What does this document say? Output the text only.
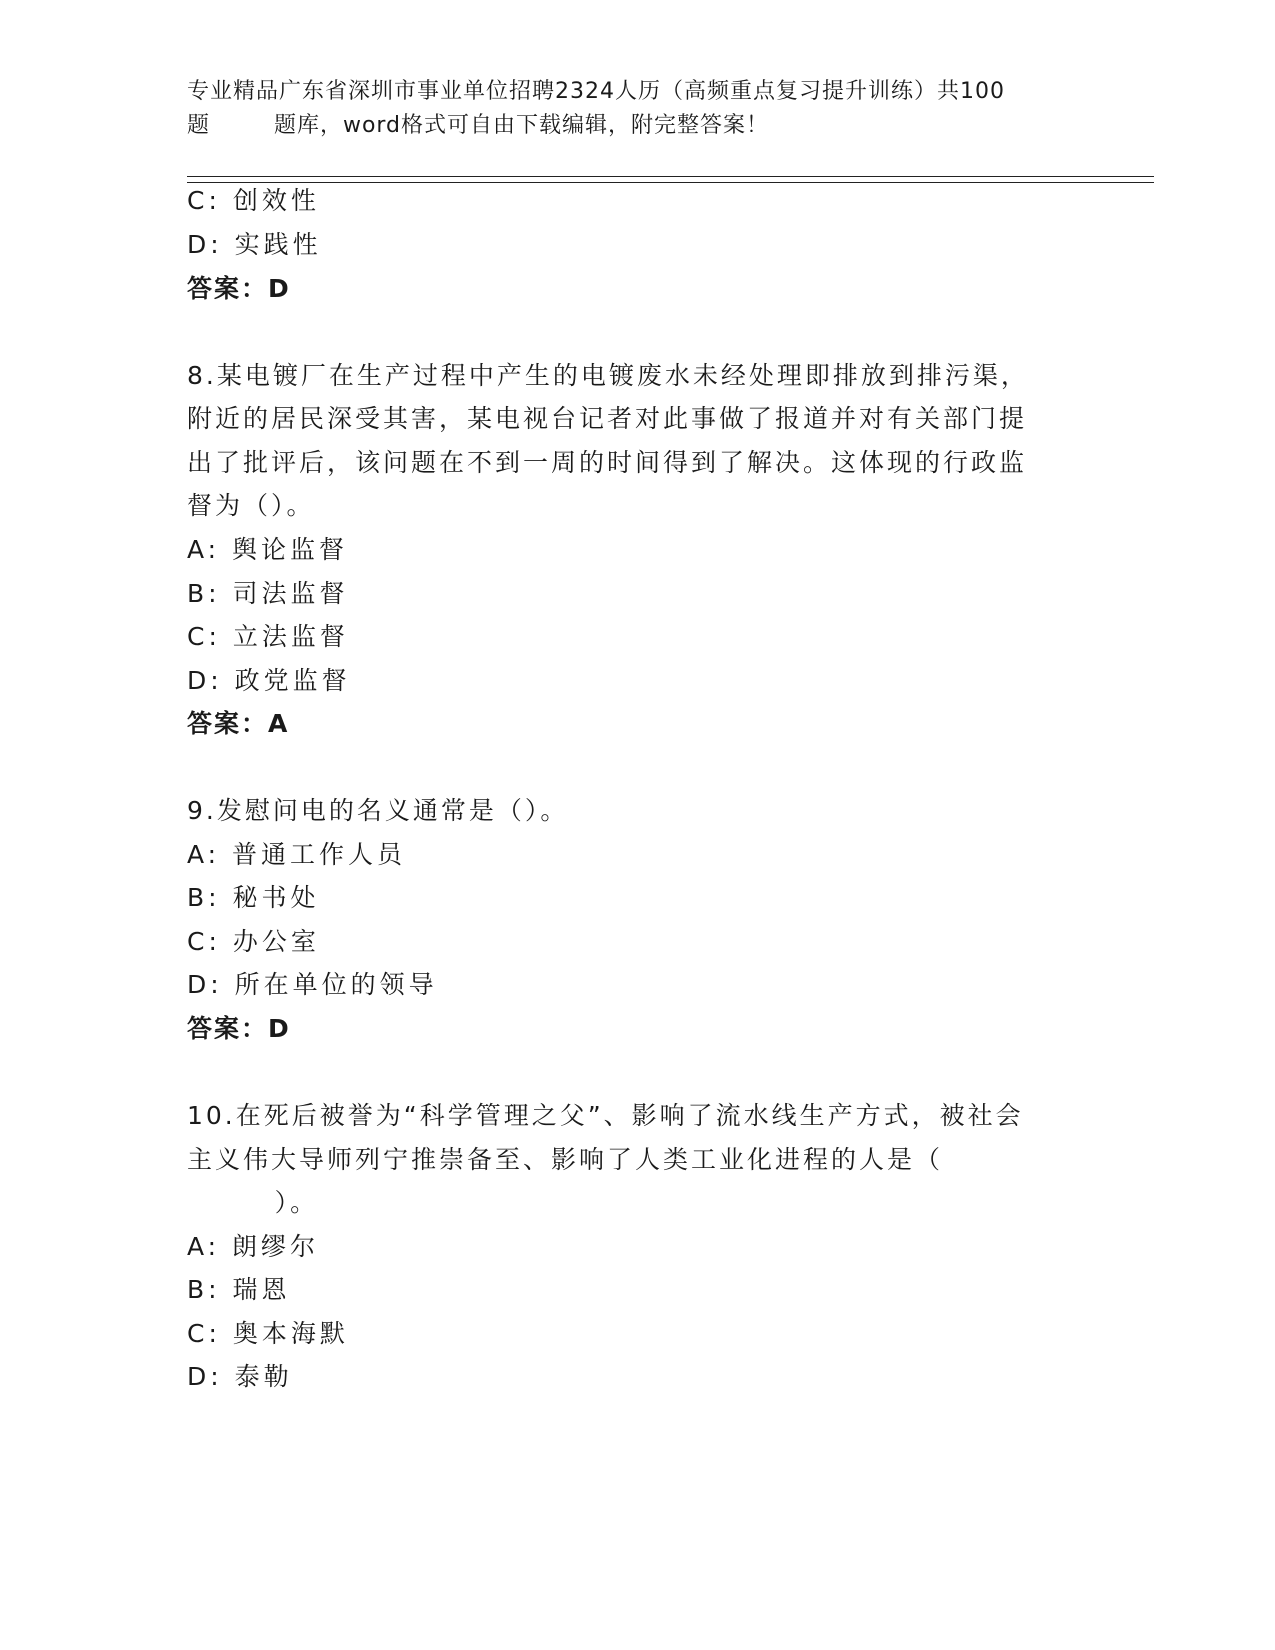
专业精品广东省深圳市事业单位招聘2324人历（高频重点复习提升训练）共100
题        题库，word格式可自由下载编辑，附完整答案！
C: 创效性
D: 实践性
答案：D
8.某电镀厂在生产过程中产生的电镀废水未经处理即排放到排污渠，
附近的居民深受其害，某电视台记者对此事做了报道并对有关部门提
出了批评后，该问题在不到一周的时间得到了解决。这体现的行政监
督为（）。
A: 舆论监督
B: 司法监督
C: 立法监督
D: 政党监督
答案：A
9.发慰问电的名义通常是（）。
A: 普通工作人员
B: 秘书处
C: 办公室
D: 所在单位的领导
答案：D
10.在死后被誉为“科学管理之父”、影响了流水线生产方式，被社会
主义伟大导师列宁推崇备至、影响了人类工业化进程的人是（
）。
A: 朗缪尔
B: 瑞恩
C: 奥本海默
D: 泰勒
